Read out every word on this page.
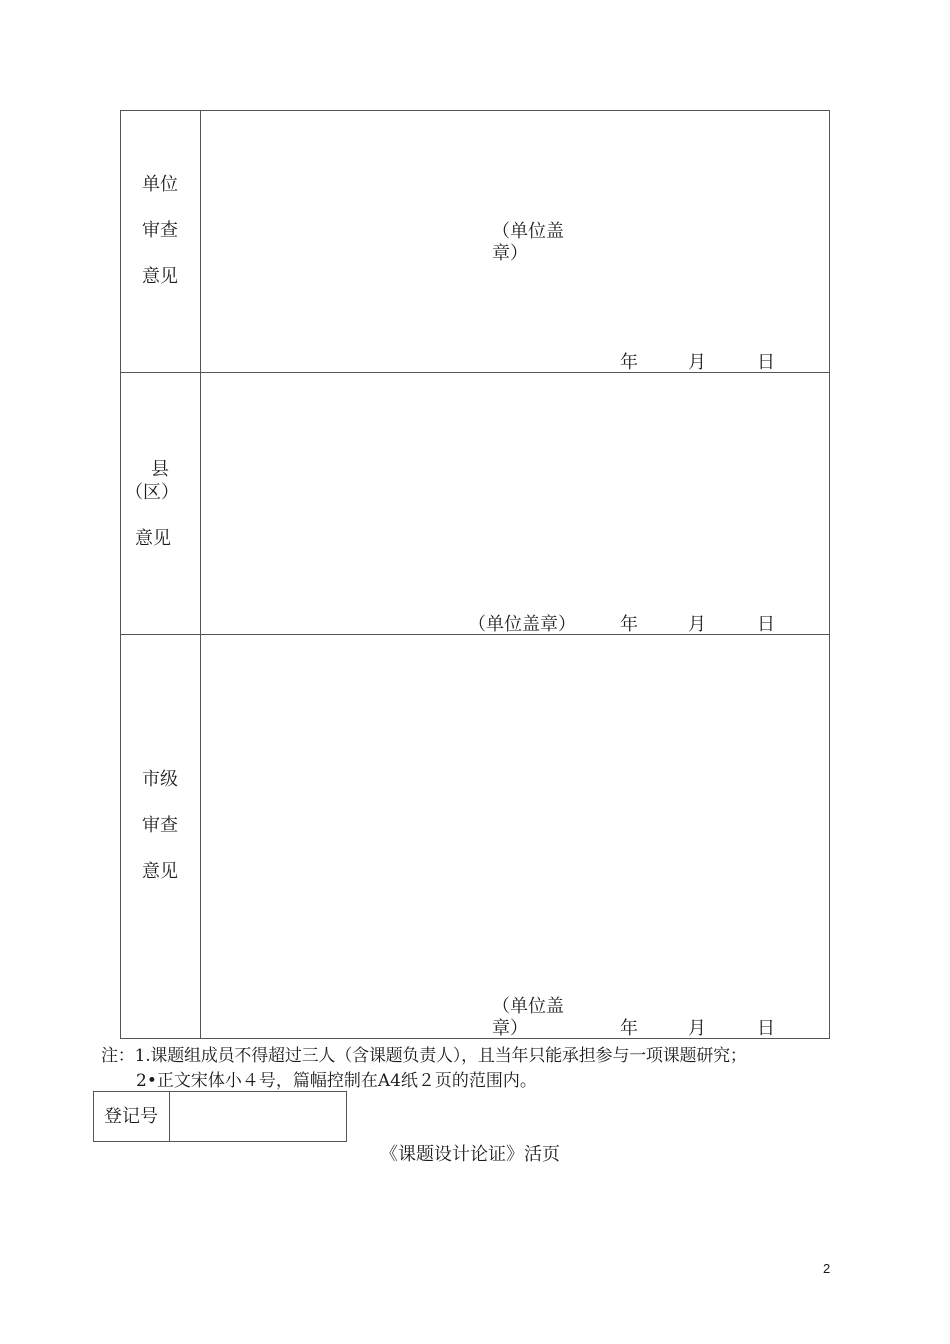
单位
审查
意见
（单位盖章）
年	月	日
县
（区）
意见
（单位盖章） 年	月	日
市级
审查
意见
（单位盖章）	年	月	日
注：1.课题组成员不得超过三人（含课题负责人），且当年只能承担参与一项课题研究；
2•正文宋体小４号，篇幅控制在A4纸２页的范围内。
登记号
《课题设计论证》活页
2
